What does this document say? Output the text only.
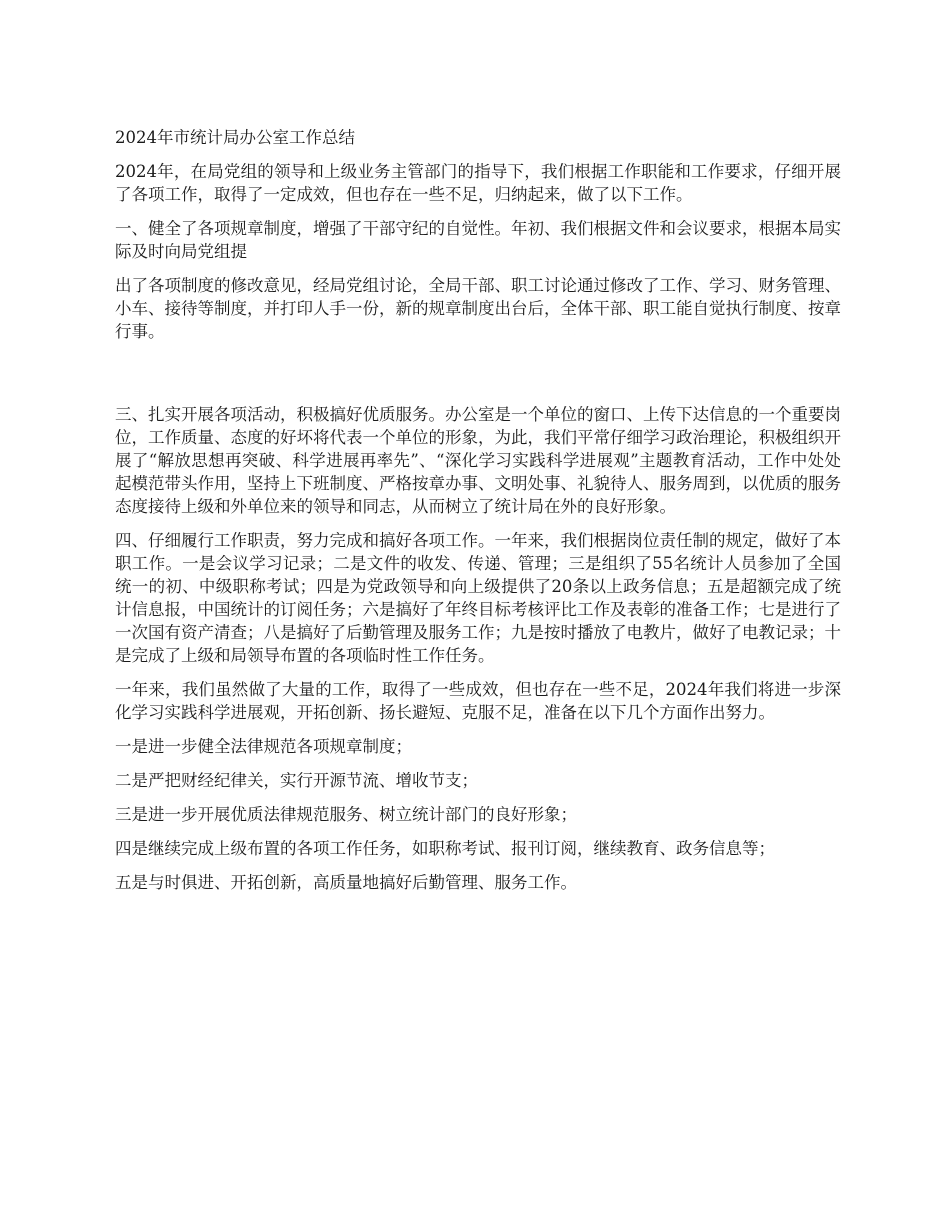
2024年市统计局办公室工作总结

2024年，在局党组的领导和上级业务主管部门的指导下，我们根据工作职能和工作要求，仔细开展了各项工作，取得了一定成效，但也存在一些不足，归纳起来，做了以下工作。

一、健全了各项规章制度，增强了干部守纪的自觉性。年初、我们根据文件和会议要求，根据本局实际及时向局党组提

出了各项制度的修改意见，经局党组讨论，全局干部、职工讨论通过修改了工作、学习、财务管理、小车、接待等制度，并打印人手一份，新的规章制度出台后，全体干部、职工能自觉执行制度、按章行事。

三、扎实开展各项活动，积极搞好优质服务。办公室是一个单位的窗口、上传下达信息的一个重要岗位，工作质量、态度的好坏将代表一个单位的形象，为此，我们平常仔细学习政治理论，积极组织开展了“解放思想再突破、科学进展再率先”、“深化学习实践科学进展观”主题教育活动，工作中处处起模范带头作用，坚持上下班制度、严格按章办事、文明处事、礼貌待人、服务周到，以优质的服务态度接待上级和外单位来的领导和同志，从而树立了统计局在外的良好形象。

四、仔细履行工作职责，努力完成和搞好各项工作。一年来，我们根据岗位责任制的规定，做好了本职工作。一是会议学习记录；二是文件的收发、传递、管理；三是组织了55名统计人员参加了全国统一的初、中级职称考试；四是为党政领导和向上级提供了20条以上政务信息；五是超额完成了统计信息报，中国统计的订阅任务；六是搞好了年终目标考核评比工作及表彰的准备工作；七是进行了一次国有资产清查；八是搞好了后勤管理及服务工作；九是按时播放了电教片，做好了电教记录；十是完成了上级和局领导布置的各项临时性工作任务。

一年来，我们虽然做了大量的工作，取得了一些成效，但也存在一些不足，2024年我们将进一步深化学习实践科学进展观，开拓创新、扬长避短、克服不足，准备在以下几个方面作出努力。

一是进一步健全法律规范各项规章制度；

二是严把财经纪律关，实行开源节流、增收节支；

三是进一步开展优质法律规范服务、树立统计部门的良好形象；

四是继续完成上级布置的各项工作任务，如职称考试、报刊订阅，继续教育、政务信息等；

五是与时俱进、开拓创新，高质量地搞好后勤管理、服务工作。
